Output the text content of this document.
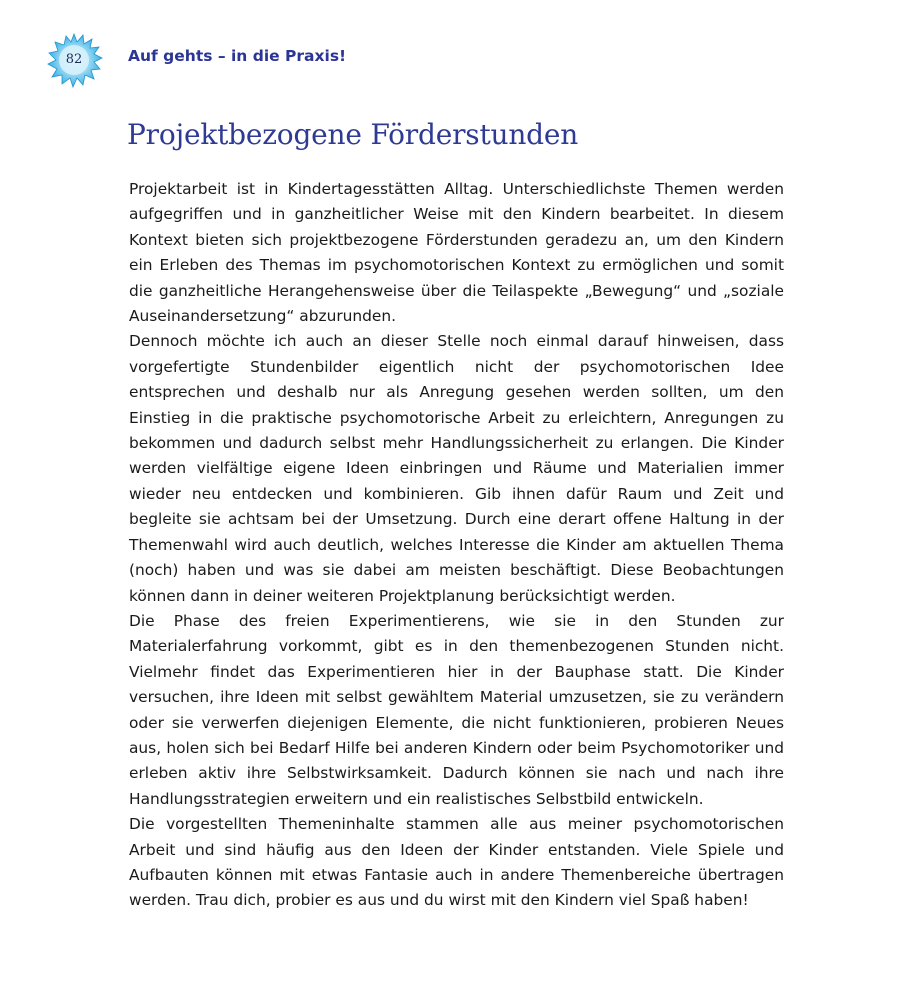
82	Auf gehts – in die Praxis!
Projektbezogene Förderstunden

Projektarbeit ist in Kindertagesstätten Alltag. Unterschiedlichste Themen werden aufgegriffen und in ganzheitlicher Weise mit den Kindern bearbeitet. In diesem Kontext bieten sich projektbezogene Förderstunden geradezu an, um den Kindern ein Erleben des Themas im psychomotorischen Kontext zu ermöglichen und somit die ganzheitliche Herangehensweise über die Teilaspekte „Bewegung“ und „soziale Auseinandersetzung“ abzurunden.

Dennoch möchte ich auch an dieser Stelle noch einmal darauf hinweisen, dass vorgefertigte Stundenbilder eigentlich nicht der psychomotorischen Idee entsprechen und deshalb nur als Anregung gesehen werden sollten, um den Einstieg in die praktische psychomotorische Arbeit zu erleichtern, Anregungen zu bekommen und dadurch selbst mehr Handlungssicherheit zu erlangen. Die Kinder werden vielfältige eigene Ideen einbringen und Räume und Materialien immer wieder neu entdecken und kombinieren. Gib ihnen dafür Raum und Zeit und begleite sie achtsam bei der Umsetzung. Durch eine derart offene Haltung in der Themenwahl wird auch deutlich, welches Interesse die Kinder am aktuellen Thema (noch) haben und was sie dabei am meisten beschäftigt. Diese Beobachtungen können dann in deiner weiteren Projektplanung berücksichtigt werden.

Die Phase des freien Experimentierens, wie sie in den Stunden zur Materialerfahrung vorkommt, gibt es in den themenbezogenen Stunden nicht. Vielmehr findet das Experimentieren hier in der Bauphase statt. Die Kinder versuchen, ihre Ideen mit selbst gewähltem Material umzusetzen, sie zu verändern oder sie verwerfen diejenigen Elemente, die nicht funktionieren, probieren Neues aus, holen sich bei Bedarf Hilfe bei anderen Kindern oder beim Psychomotoriker und erleben aktiv ihre Selbstwirksamkeit. Dadurch können sie nach und nach ihre Handlungsstrategien erweitern und ein realistisches Selbstbild entwickeln.

Die vorgestellten Themeninhalte stammen alle aus meiner psychomotorischen Arbeit und sind häufig aus den Ideen der Kinder entstanden. Viele Spiele und Aufbauten können mit etwas Fantasie auch in andere Themenbereiche übertragen werden. Trau dich, probier es aus und du wirst mit den Kindern viel Spaß haben!
